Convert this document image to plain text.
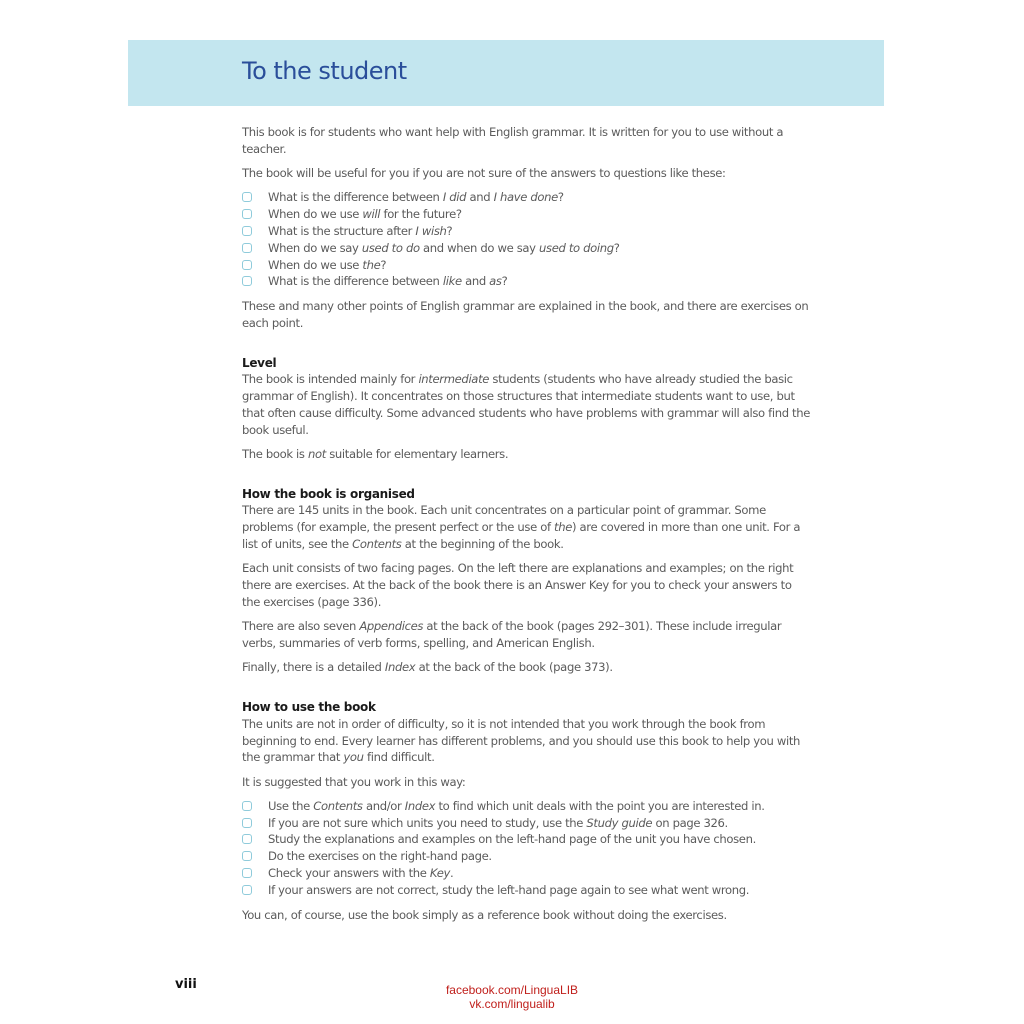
To the student

This book is for students who want help with English grammar. It is written for you to use without a teacher.

The book will be useful for you if you are not sure of the answers to questions like these:

What is the difference between I did and I have done?
When do we use will for the future?
What is the structure after I wish?
When do we say used to do and when do we say used to doing?
When do we use the?
What is the difference between like and as?

These and many other points of English grammar are explained in the book, and there are exercises on each point.

Level

The book is intended mainly for intermediate students (students who have already studied the basic grammar of English). It concentrates on those structures that intermediate students want to use, but that often cause difficulty. Some advanced students who have problems with grammar will also find the book useful.

The book is not suitable for elementary learners.

How the book is organised

There are 145 units in the book. Each unit concentrates on a particular point of grammar. Some problems (for example, the present perfect or the use of the) are covered in more than one unit. For a list of units, see the Contents at the beginning of the book.

Each unit consists of two facing pages. On the left there are explanations and examples; on the right there are exercises. At the back of the book there is an Answer Key for you to check your answers to the exercises (page 336).

There are also seven Appendices at the back of the book (pages 292–301). These include irregular verbs, summaries of verb forms, spelling, and American English.

Finally, there is a detailed Index at the back of the book (page 373).

How to use the book

The units are not in order of difficulty, so it is not intended that you work through the book from beginning to end. Every learner has different problems, and you should use this book to help you with the grammar that you find difficult.

It is suggested that you work in this way:

Use the Contents and/or Index to find which unit deals with the point you are interested in.
If you are not sure which units you need to study, use the Study guide on page 326.
Study the explanations and examples on the left-hand page of the unit you have chosen.
Do the exercises on the right-hand page.
Check your answers with the Key.
If your answers are not correct, study the left-hand page again to see what went wrong.

You can, of course, use the book simply as a reference book without doing the exercises.

viii	facebook.com/LinguaLIB
vk.com/lingualib
